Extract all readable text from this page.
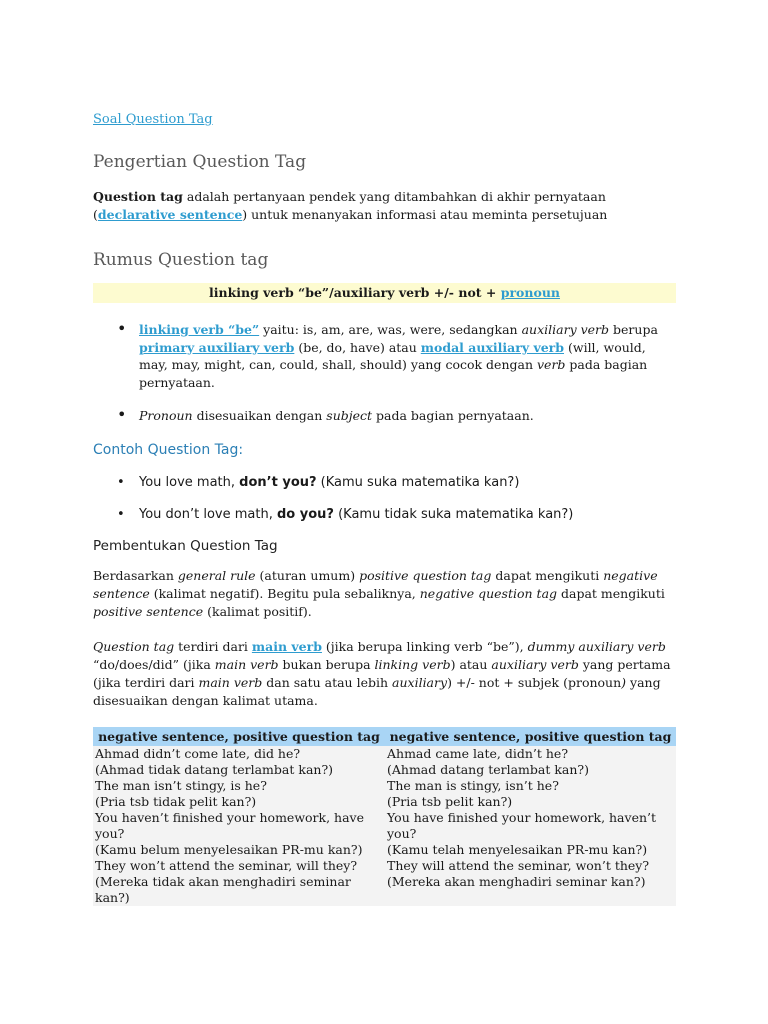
Soal Question Tag
Pengertian Question Tag

Question tag adalah pertanyaan pendek yang ditambahkan di akhir pernyataan (declarative sentence) untuk menanyakan informasi atau meminta persetujuan

Rumus Question tag
linking verb “be”/auxiliary verb +/- not + pronoun
• linking verb “be” yaitu: is, am, are, was, were, sedangkan auxiliary verb berupa primary auxiliary verb (be, do, have) atau modal auxiliary verb (will, would, may, may, might, can, could, shall, should) yang cocok dengan verb pada bagian pernyataan.
• Pronoun disesuaikan dengan subject pada bagian pernyataan.

Contoh Question Tag:

• You love math, don’t you? (Kamu suka matematika kan?)
• You don’t love math, do you? (Kamu tidak suka matematika kan?)

Pembentukan Question Tag

Berdasarkan general rule (aturan umum) positive question tag dapat mengikuti negative sentence (kalimat negatif). Begitu pula sebaliknya, negative question tag dapat mengikuti positive sentence (kalimat positif).

Question tag terdiri dari main verb (jika berupa linking verb “be”), dummy auxiliary verb “do/does/did” (jika main verb bukan berupa linking verb) atau auxiliary verb yang pertama (jika terdiri dari main verb dan satu atau lebih auxiliary) +/- not + subjek (pronoun) yang disesuaikan dengan kalimat utama.

negative sentence, positive question tag	negative sentence, positive question tag
Ahmad didn’t come late, did he?	Ahmad came late, didn’t he?
(Ahmad tidak datang terlambat kan?)	(Ahmad datang terlambat kan?)
The man isn’t stingy, is he?	The man is stingy, isn’t he?
(Pria tsb tidak pelit kan?)	(Pria tsb pelit kan?)
You haven’t finished your homework, have you?	You have finished your homework, haven’t you?
(Kamu belum menyelesaikan PR-mu kan?)	(Kamu telah menyelesaikan PR-mu kan?)
They won’t attend the seminar, will they?	They will attend the seminar, won’t they?
(Mereka tidak akan menghadiri seminar kan?)	(Mereka akan menghadiri seminar kan?)
